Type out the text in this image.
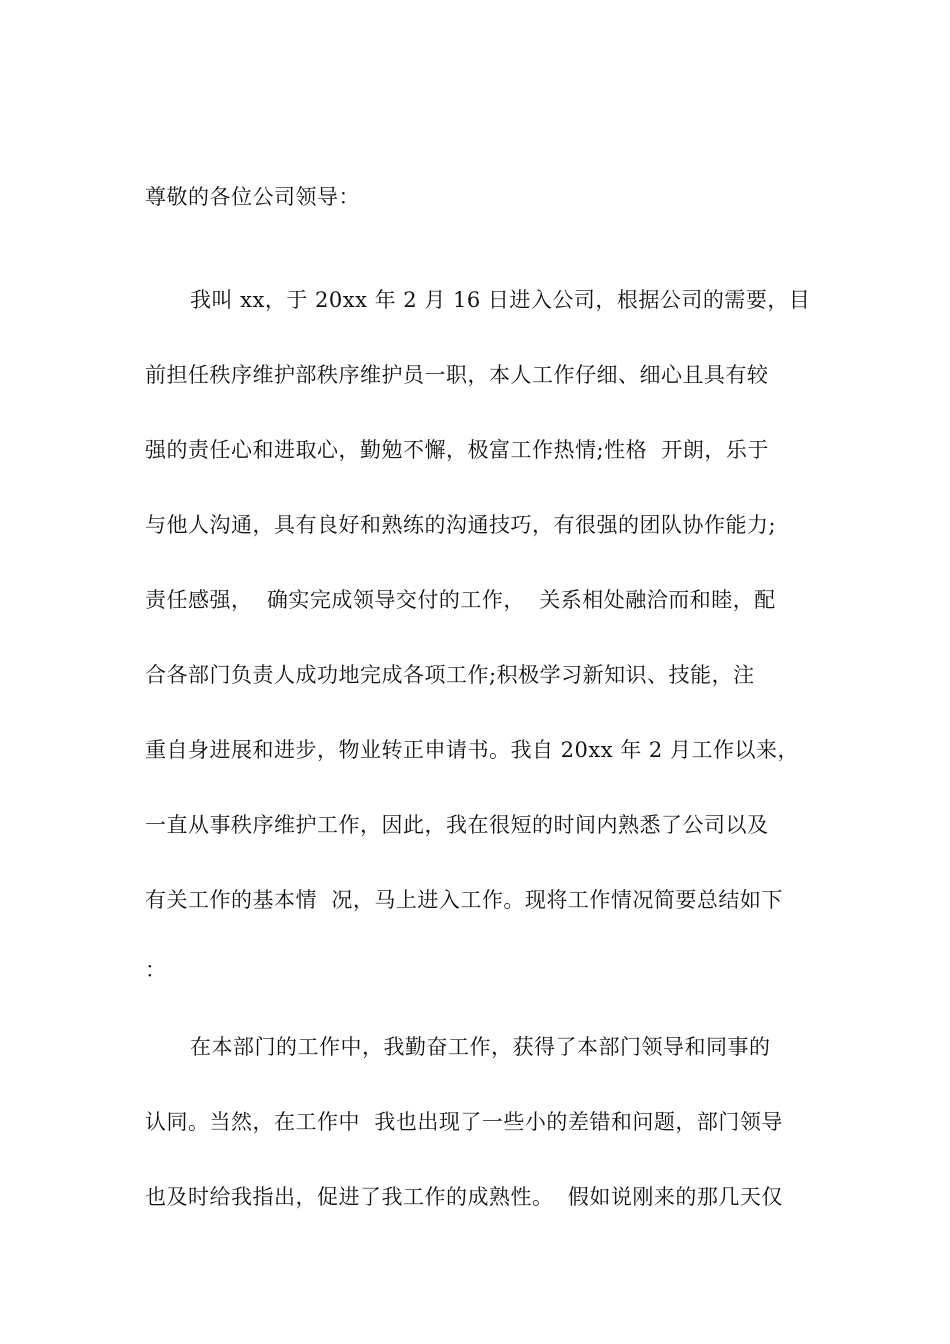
尊敬的各位公司领导：
我叫 xx，于 20xx 年 2 月 16 日进入公司，根据公司的需要，目
前担任秩序维护部秩序维护员一职，本人工作仔细、细心且具有较
强的责任心和进取心，勤勉不懈，极富工作热情;性格  开朗，乐于
与他人沟通，具有良好和熟练的沟通技巧，有很强的团队协作能力;
责任感强，  确实完成领导交付的工作，  关系相处融洽而和睦，配
合各部门负责人成功地完成各项工作;积极学习新知识、技能，注
重自身进展和进步，物业转正申请书。我自 20xx 年 2 月工作以来，
一直从事秩序维护工作，因此，我在很短的时间内熟悉了公司以及
有关工作的基本情  况，马上进入工作。现将工作情况简要总结如下
：
在本部门的工作中，我勤奋工作，获得了本部门领导和同事的
认同。当然，在工作中  我也出现了一些小的差错和问题，部门领导
也及时给我指出，促进了我工作的成熟性。  假如说刚来的那几天仅
